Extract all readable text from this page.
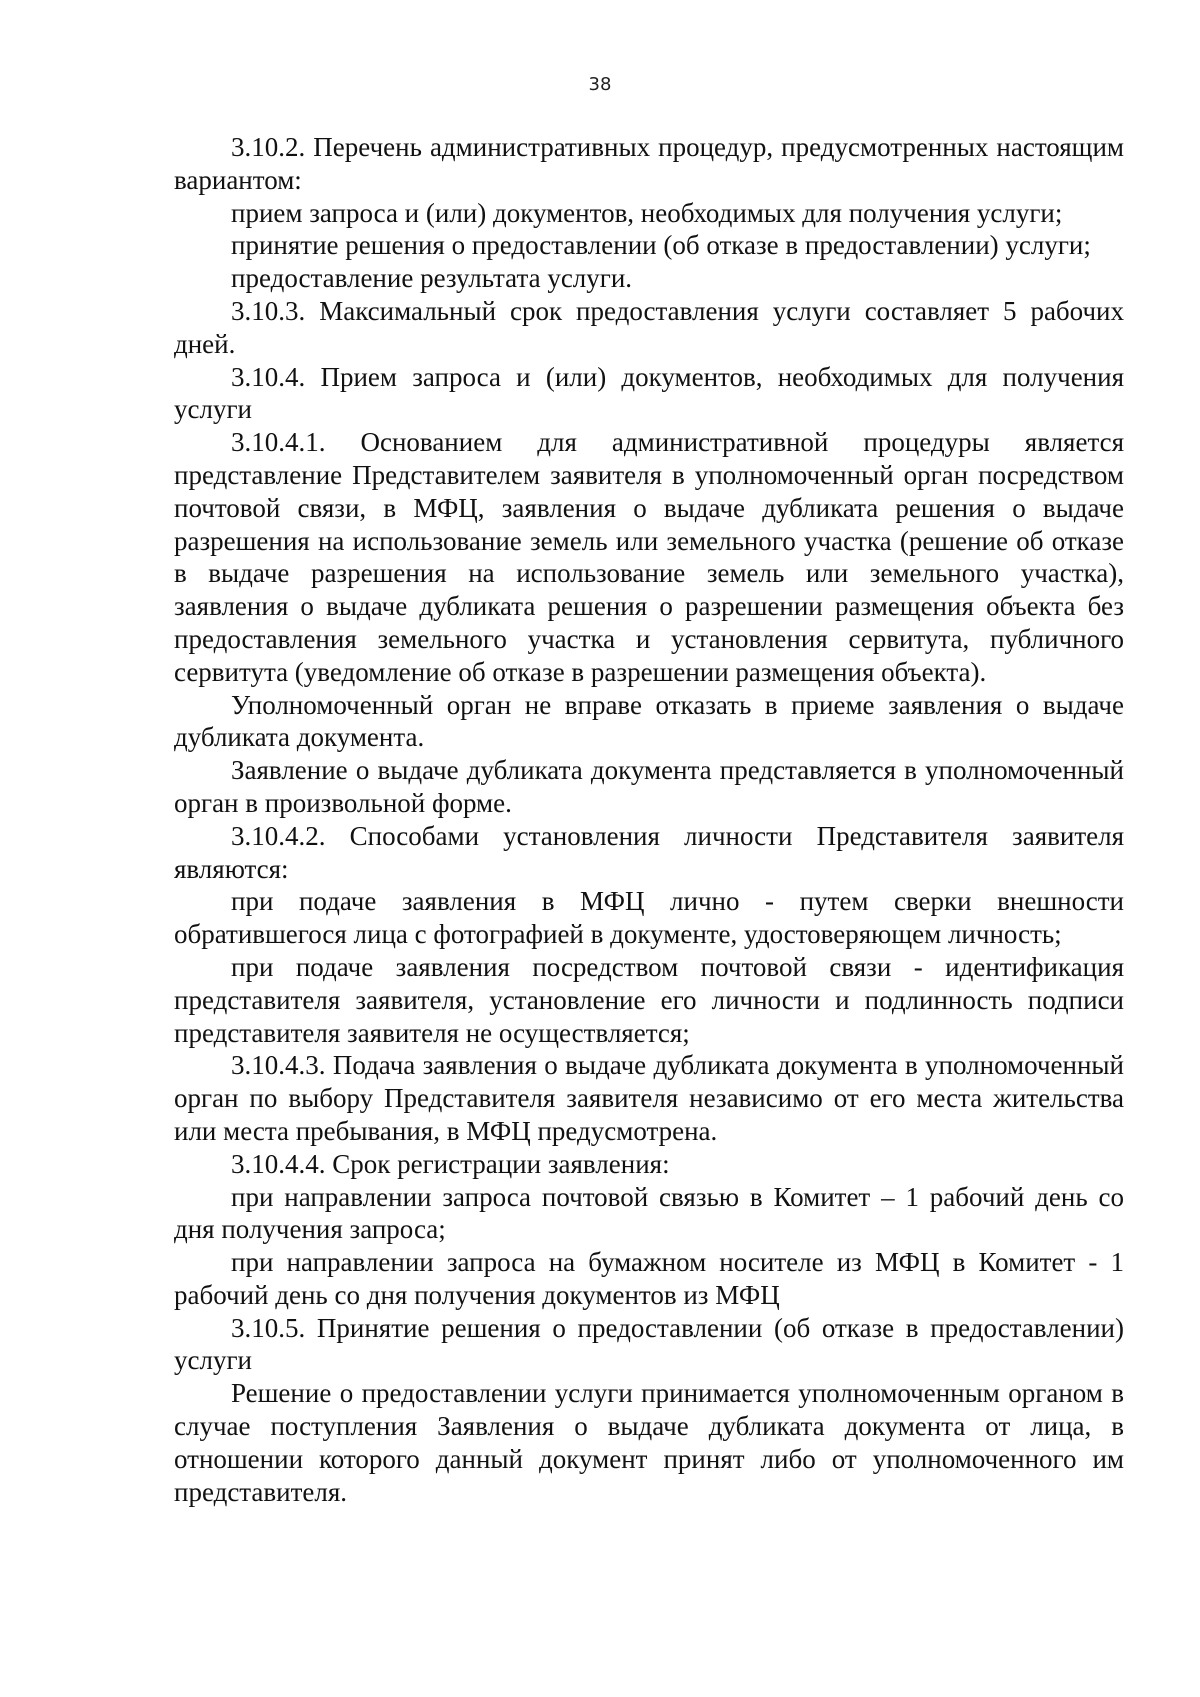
38

3.10.2. Перечень административных процедур, предусмотренных настоящим вариантом:

прием запроса и (или) документов, необходимых для получения услуги;

принятие решения о предоставлении (об отказе в предоставлении) услуги;

предоставление результата услуги.

3.10.3. Максимальный срок предоставления услуги составляет 5 рабочих дней.

3.10.4. Прием запроса и (или) документов, необходимых для получения услуги

3.10.4.1. Основанием для административной процедуры является представление Представителем заявителя в уполномоченный орган посредством почтовой связи, в МФЦ, заявления о выдаче дубликата решения о выдаче разрешения на использование земель или земельного участка (решение об отказе в выдаче разрешения на использование земель или земельного участка), заявления о выдаче дубликата решения о разрешении размещения объекта без предоставления земельного участка и установления сервитута, публичного сервитута (уведомление об отказе в разрешении размещения объекта).

Уполномоченный орган не вправе отказать в приеме заявления о выдаче дубликата документа.

Заявление о выдаче дубликата документа представляется в уполномоченный орган в произвольной форме.

3.10.4.2. Способами установления личности Представителя заявителя являются:

при подаче заявления в МФЦ лично - путем сверки внешности обратившегося лица с фотографией в документе, удостоверяющем личность;

при подаче заявления посредством почтовой связи - идентификация представителя заявителя, установление его личности и подлинность подписи представителя заявителя не осуществляется;

3.10.4.3. Подача заявления о выдаче дубликата документа в уполномоченный орган по выбору Представителя заявителя независимо от его места жительства или места пребывания, в МФЦ предусмотрена.

3.10.4.4. Срок регистрации заявления:

при направлении запроса почтовой связью в Комитет – 1 рабочий день со дня получения запроса;

при направлении запроса на бумажном носителе из МФЦ в Комитет - 1 рабочий день со дня получения документов из МФЦ

3.10.5. Принятие решения о предоставлении (об отказе в предоставлении) услуги

Решение о предоставлении услуги принимается уполномоченным органом в случае поступления Заявления о выдаче дубликата документа от лица, в отношении которого данный документ принят либо от уполномоченного им представителя.
